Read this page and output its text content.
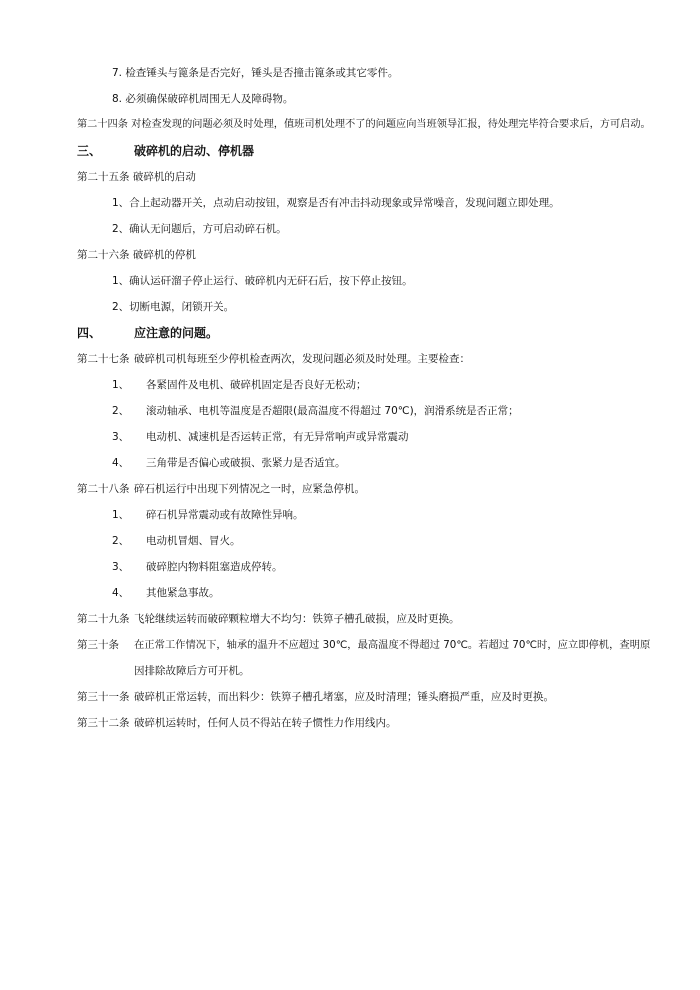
7. 检查锤头与篦条是否完好，锤头是否撞击篦条或其它零件。
8. 必须确保破碎机周围无人及障碍物。
第二十四条 对检查发现的问题必须及时处理，值班司机处理不了的问题应向当班领导汇报，待处理完毕符合要求后，方可启动。
三、	破碎机的启动、停机器
第二十五条 破碎机的启动
1、合上起动器开关，点动启动按钮，观察是否有冲击抖动现象或异常噪音，发现问题立即处理。
2、确认无问题后，方可启动碎石机。
第二十六条 破碎机的停机
1、确认运矸溜子停止运行、破碎机内无矸石后，按下停止按钮。
2、切断电源，闭锁开关。
四、	应注意的问题。
第二十七条 破碎机司机每班至少停机检查两次，发现问题必须及时处理。主要检查：
1、 各紧固件及电机、破碎机固定是否良好无松动；
2、 滚动轴承、电机等温度是否超限(最高温度不得超过 70℃)，润滑系统是否正常；
3、 电动机、减速机是否运转正常，有无异常响声或异常震动
4、 三角带是否偏心或破损、张紧力是否适宜。
第二十八条 碎石机运行中出现下列情况之一时，应紧急停机。
1、 碎石机异常震动或有故障性异响。
2、 电动机冒烟、冒火。
3、 破碎腔内物料阻塞造成停转。
4、 其他紧急事故。
第二十九条 飞轮继续运转而破碎颗粒增大不均匀：铁箅子槽孔破损，应及时更换。
第三十条 在正常工作情况下，轴承的温升不应超过 30℃，最高温度不得超过 70℃。若超过 70℃时，应立即停机，查明原
因排除故障后方可开机。
第三十一条 破碎机正常运转，而出料少：铁箅子槽孔堵塞，应及时清理；锤头磨损严重，应及时更换。
第三十二条 破碎机运转时，任何人员不得站在转子惯性力作用线内。
